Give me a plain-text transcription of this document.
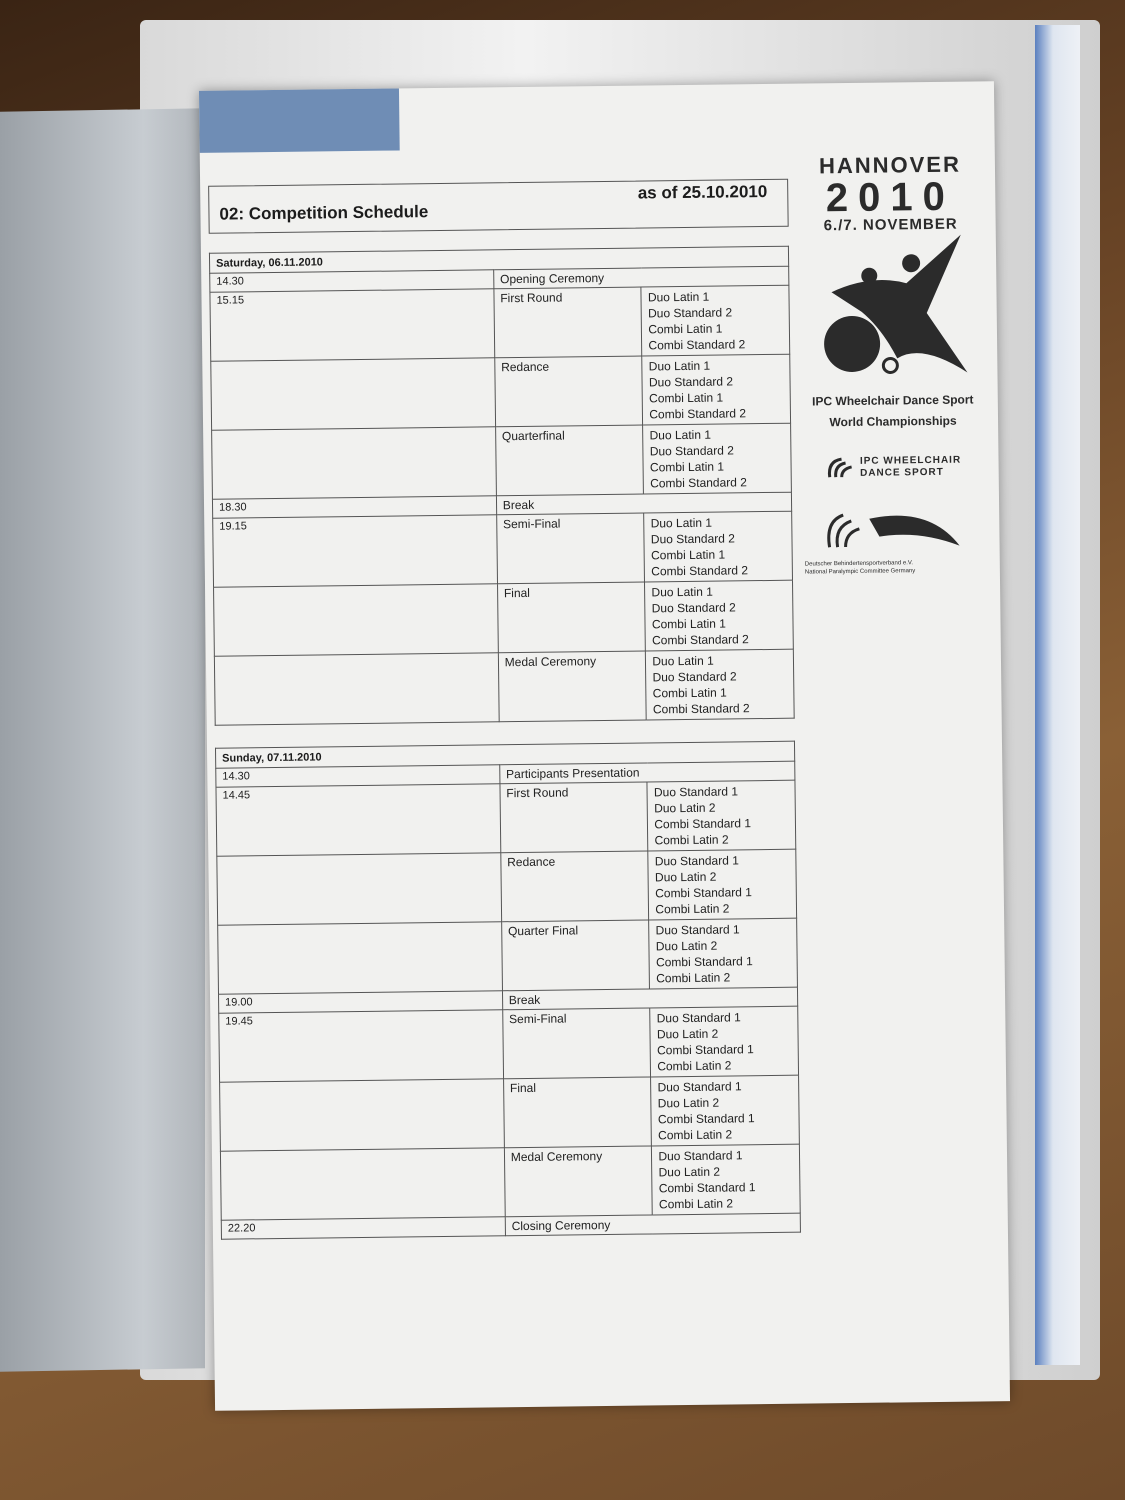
02: Competition Schedule
as of 25.10.2010
Saturday, 06.11.2010
14.30	Opening Ceremony	
15.15	First Round	Duo Latin 1
Duo Standard 2
Combi Latin 1
Combi Standard 2

	Redance	Duo Latin 1
Duo Standard 2
Combi Latin 1
Combi Standard 2

	Quarterfinal	Duo Latin 1
Duo Standard 2
Combi Latin 1
Combi Standard 2

18.30	Break	
19.15	Semi-Final	Duo Latin 1
Duo Standard 2
Combi Latin 1
Combi Standard 2

	Final	Duo Latin 1
Duo Standard 2
Combi Latin 1
Combi Standard 2

	Medal Ceremony	Duo Latin 1
Duo Standard 2
Combi Latin 1
Combi Standard 2
Sunday, 07.11.2010
14.30	Participants Presentation	
14.45	First Round	Duo Standard 1
Duo Latin 2
Combi Standard 1
Combi Latin 2

	Redance	Duo Standard 1
Duo Latin 2
Combi Standard 1
Combi Latin 2

	Quarter Final	Duo Standard 1
Duo Latin 2
Combi Standard 1
Combi Latin 2

19.00	Break	
19.45	Semi-Final	Duo Standard 1
Duo Latin 2
Combi Standard 1
Combi Latin 2

	Final	Duo Standard 1
Duo Latin 2
Combi Standard 1
Combi Latin 2

	Medal Ceremony	Duo Standard 1
Duo Latin 2
Combi Standard 1
Combi Latin 2

22.20	Closing Ceremony	
HANNOVER
2010
6./7. NOVEMBER
IPC Wheelchair Dance Sport
World Championships
IPC WHEELCHAIR
DANCE SPORT
Deutscher Behindertensportverband e.V.
National Paralympic Committee Germany
